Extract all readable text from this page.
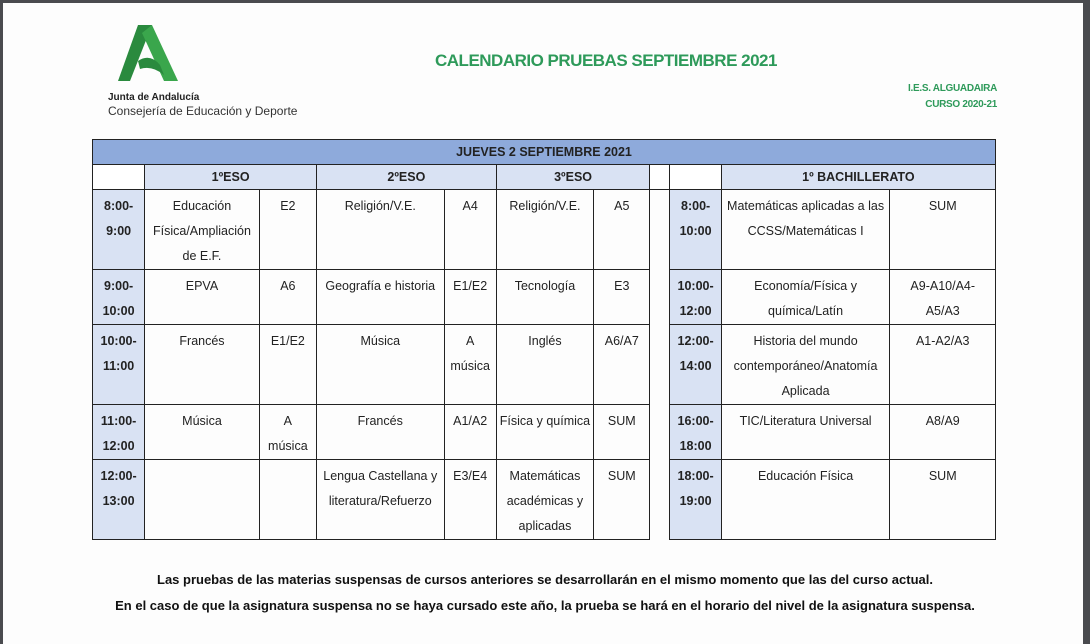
Junta de Andalucía
Consejería de Educación y Deporte
CALENDARIO PRUEBAS SEPTIEMBRE 2021
I.E.S. ALGUADAIRA
CURSO 2020-21
JUEVES 2 SEPTIEMBRE 2021										
	1ºESO		2ºESO		3ºESO				1º BACHILLERATO	
8:00- 9:00	Educación Física/Ampliación de E.F.	E2	Religión/V.E.	A4	Religión/V.E.	A5		8:00- 10:00	Matemáticas aplicadas a las CCSS/Matemáticas I	SUM
9:00- 10:00	EPVA	A6	Geografía e historia	E1/E2	Tecnología	E3		10:00- 12:00	Economía/Física y química/Latín	A9-A10/A4- A5/A3
10:00- 11:00	Francés	E1/E2	Música	A música	Inglés	A6/A7		12:00- 14:00	Historia del mundo contemporáneo/Anatomía Aplicada	A1-A2/A3
11:00- 12:00	Música	A música	Francés	A1/A2	Física y química	SUM		16:00- 18:00	TIC/Literatura Universal	A8/A9
12:00- 13:00			Lengua Castellana y literatura/Refuerzo	E3/E4	Matemáticas académicas y aplicadas	SUM		18:00- 19:00	Educación Física	SUM
Las pruebas de las materias suspensas de cursos anteriores se desarrollarán en el mismo momento que las del curso actual.
En el caso de que la asignatura suspensa no se haya cursado este año, la prueba se hará en el horario del nivel de la asignatura suspensa.
